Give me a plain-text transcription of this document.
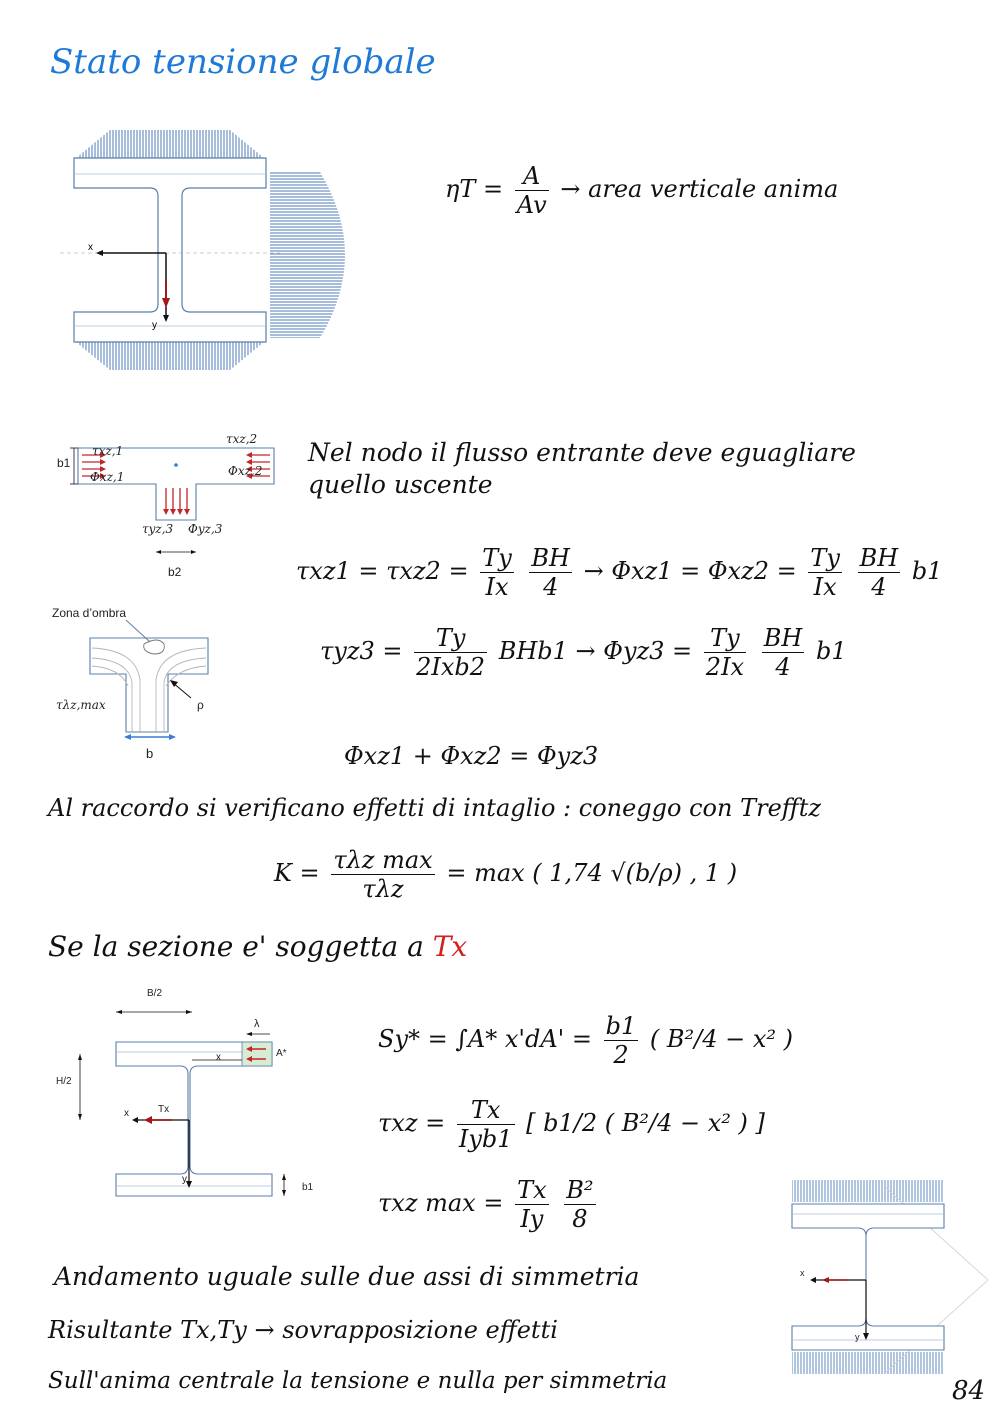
Stato tensione globale
x
y
$\eta T = \frac{A}{Av}$ → area verticale anima
τxz,1
τxz,2
Φxz,1	Φxz,2
τyz,3 Φyz,3
b1
b2
Nel nodo il flusso entrante deve eguagliare
quello uscente
$\tau xz1 = \tau xz2 = \frac{Ty}{Ix}$
$\frac{BH}{4} \to \Phi xz1 = \Phi xz2 = \frac{Ty}{Ix}$
$\frac{BH}{4} b1$
Zona d’ombra
τλz,max	ρ
b
$\tau yz3 = \frac{Ty}{\text{2Ixb2}} BHb1 \to \Phi yz3 = \frac{Ty}{2Ix}$
$\frac{BH}{4} b1$
Φxz1 + Φxz2 = Φyz3
Al raccordo si verificano effetti di intaglio : coneggo con Trefftz
$K = \frac{\text{τλz max}}{\text{τλz}} = \max$ ( 1,74 √(b/ρ) , 1 )
Se la sezione e' soggetta a Tx
B/2
λ
x	A*
H/2
x	Tx
y
b1
Sy* = ∫A* $x'dA' = \frac{b1}{2}$ ( B²/4 − x² )
$\tau xz = \frac{Tx}{\text{Iyb1}}$ [ b1/2 ( B²/4 − x² ) ]
τxz $\max = \frac{Tx}{Iy}$
$\frac{\text{B²}}{8}$
x
y
Andamento uguale sulle due assi di simmetria
Risultante Tx,Ty → sovrapposizione effetti
Sull'anima centrale la tensione e nulla per simmetria	84
